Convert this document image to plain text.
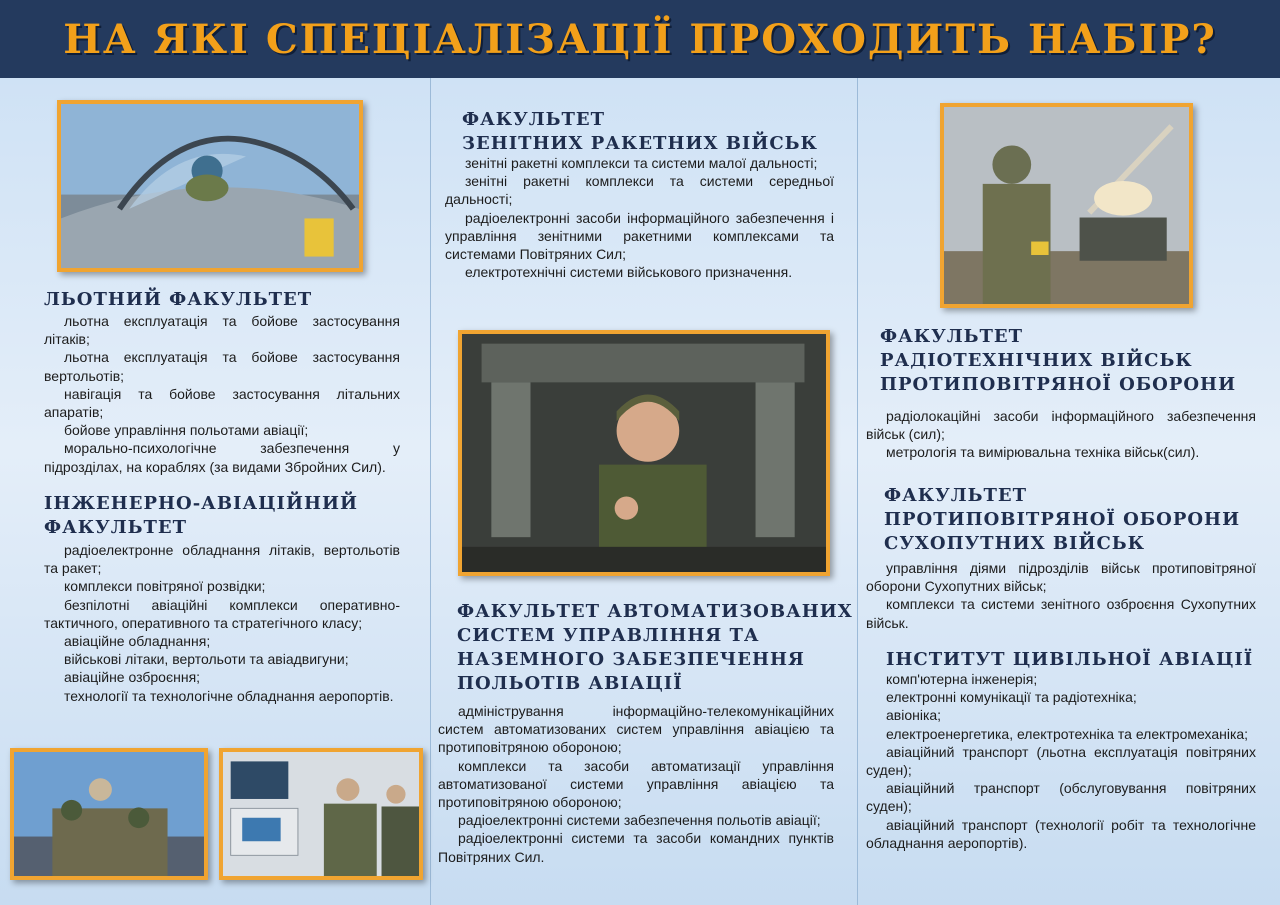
НА ЯКІ СПЕЦІАЛІЗАЦІЇ ПРОХОДИТЬ НАБІР?
ЛЬОТНИЙ ФАКУЛЬТЕТ
льотна експлуатація та бойове застосування літаків;
льотна експлуатація та бойове застосування вертольотів;
навігація та бойове застосування літальних апаратів;
бойове управління польотами авіації;
морально-психологічне забезпечення у підрозділах, на кораблях (за видами Збройних Сил).
ІНЖЕНЕРНО-АВІАЦІЙНИЙ
ФАКУЛЬТЕТ
радіоелектронне обладнання літаків, вертольотів та ракет;
комплекси повітряної розвідки;
безпілотні авіаційні комплекси оперативно-тактичного, оперативного та стратегічного класу;
авіаційне обладнання;
військові літаки, вертольоти та авіадвигуни;
авіаційне озброєння;
технології та технологічне обладнання аеропортів.
ФАКУЛЬТЕТ
ЗЕНІТНИХ РАКЕТНИХ ВІЙСЬК
зенітні ракетні комплекси та системи малої дальності;
зенітні ракетні комплекси та системи середньої дальності;
радіоелектронні засоби інформаційного забезпечення і управління зенітними ракетними комплексами та системами Повітряних Сил;
електротехнічні системи військового призначення.
ФАКУЛЬТЕТ АВТОМАТИЗОВАНИХ
СИСТЕМ УПРАВЛІННЯ ТА
НАЗЕМНОГО ЗАБЕЗПЕЧЕННЯ
ПОЛЬОТІВ АВІАЦІЇ
адміністрування інформаційно-телекомунікаційних систем автоматизованих систем управління авіацією та протиповітряною обороною;
комплекси та засоби автоматизації управління автоматизованої системи управління авіацією та протиповітряною обороною;
радіоелектронні системи забезпечення польотів авіації;
радіоелектронні системи та засоби командних пунктів Повітряних Сил.
ФАКУЛЬТЕТ
РАДІОТЕХНІЧНИХ ВІЙСЬК
ПРОТИПОВІТРЯНОЇ ОБОРОНИ
радіолокаційні засоби інформаційного забезпечення військ (сил);
метрологія та вимірювальна техніка військ(сил).
ФАКУЛЬТЕТ
ПРОТИПОВІТРЯНОЇ ОБОРОНИ
СУХОПУТНИХ ВІЙСЬК
управління діями підрозділів військ протиповітряної оборони Сухопутних військ;
комплекси та системи зенітного озброєння Сухопутних військ.
ІНСТИТУТ ЦИВІЛЬНОЇ АВІАЦІЇ
комп'ютерна інженерія;
електронні комунікації та радіотехніка;
авіоніка;
електроенергетика, електротехніка та електромеханіка;
авіаційний транспорт (льотна експлуатація повітряних суден);
авіаційний транспорт (обслуговування повітряних суден);
авіаційний транспорт (технології робіт та технологічне обладнання аеропортів).
